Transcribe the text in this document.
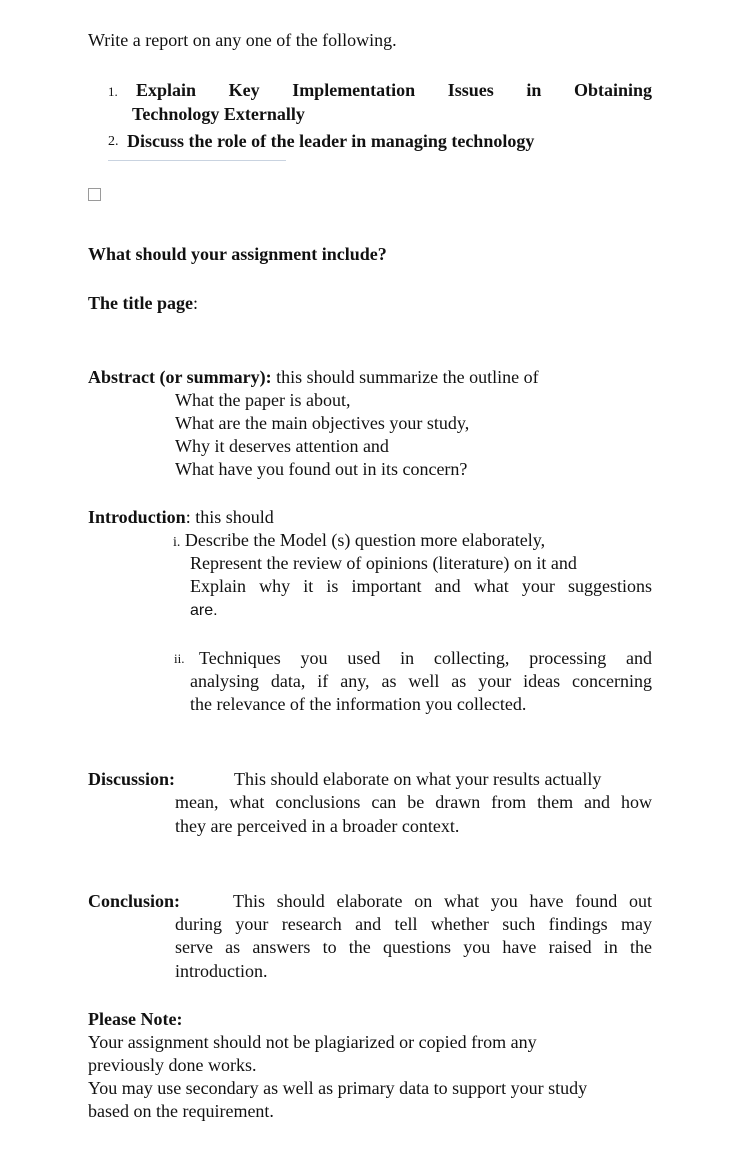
Write a report on any one of the following.

1. Explain Key Implementation Issues in Obtaining

Technology Externally

2. Discuss the role of the leader in managing technology

What should your assignment include?

The title page:

Abstract (or summary): this should summarize the outline of

What the paper is about,

What are the main objectives your study,

Why it deserves attention and

What have you found out in its concern?

Introduction: this should

i. Describe the Model (s) question more elaborately,

Represent the review of opinions (literature) on it and

Explain why it is important and what your suggestions

are.

ii. Techniques you used in collecting, processing and

analysing data, if any, as well as your ideas concerning

the relevance of the information you collected.

Discussion:	This should elaborate on what your results actually

mean, what conclusions can be drawn from them and how

they are perceived in a broader context.

Conclusion:	This should elaborate on what you have found out

during your research and tell whether such findings may

serve as answers to the questions you have raised in the

introduction.

Please Note:

Your assignment should not be plagiarized or copied from any

previously done works.

You may use secondary as well as primary data to support your study

based on the requirement.
